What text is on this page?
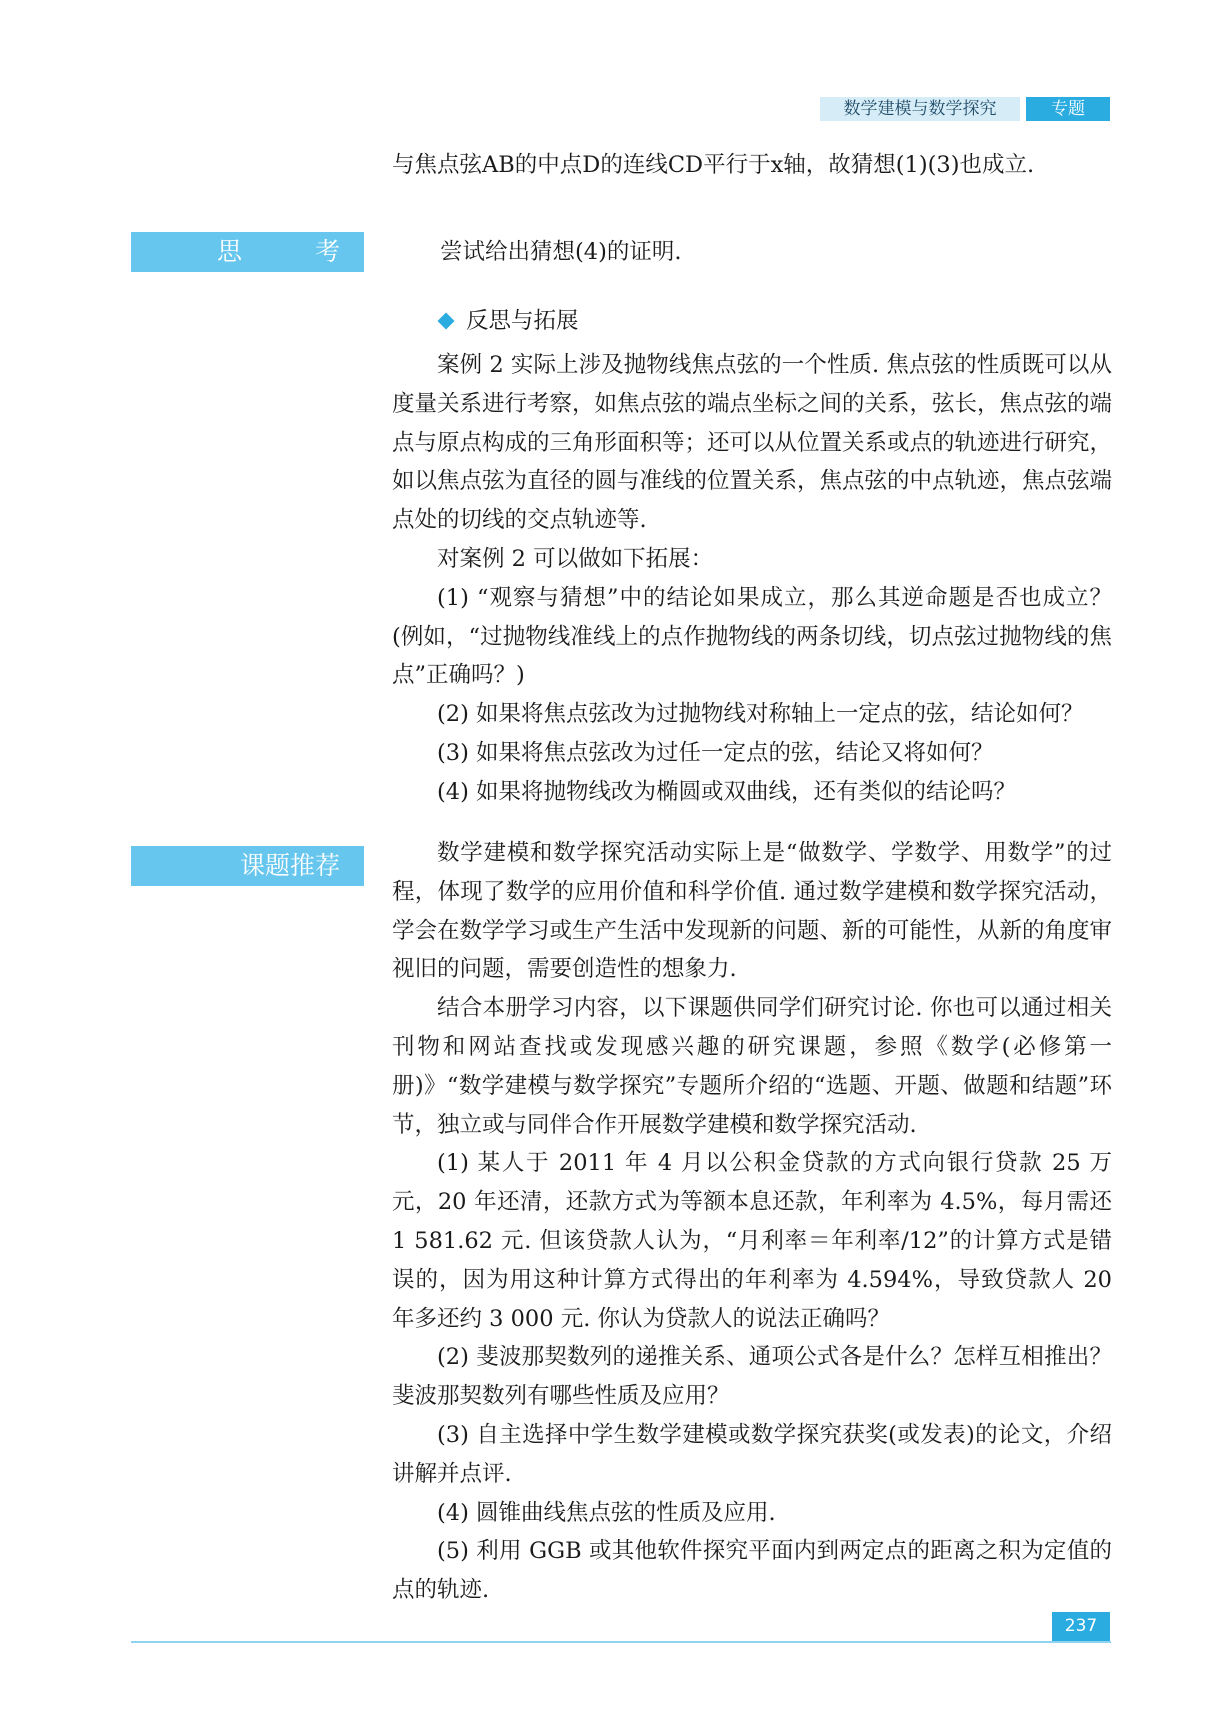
数学建模与数学探究	专题

与焦点弦AB的中点D的连线CD平行于x轴，故猜想(1)(3)也成立.

思　考	尝试给出猜想(4)的证明.
反思与拓展

案例 2 实际上涉及抛物线焦点弦的一个性质. 焦点弦的性质既可以从度量关系进行考察，如焦点弦的端点坐标之间的关系，弦长，焦点弦的端点与原点构成的三角形面积等；还可以从位置关系或点的轨迹进行研究，如以焦点弦为直径的圆与准线的位置关系，焦点弦的中点轨迹，焦点弦端点处的切线的交点轨迹等.

对案例 2 可以做如下拓展：

(1) “观察与猜想”中的结论如果成立，那么其逆命题是否也成立？(例如，“过抛物线准线上的点作抛物线的两条切线，切点弦过抛物线的焦点”正确吗？)

(2) 如果将焦点弦改为过抛物线对称轴上一定点的弦，结论如何？

(3) 如果将焦点弦改为过任一定点的弦，结论又将如何？

(4) 如果将抛物线改为椭圆或双曲线，还有类似的结论吗？

课题推荐	数学建模和数学探究活动实际上是“做数学、学数学、用数学”的过程，体现了数学的应用价值和科学价值. 通过数学建模和数学探究活动，学会在数学学习或生产生活中发现新的问题、新的可能性，从新的角度审视旧的问题，需要创造性的想象力.

结合本册学习内容，以下课题供同学们研究讨论. 你也可以通过相关刊物和网站查找或发现感兴趣的研究课题，参照《数学(必修第一册)》“数学建模与数学探究”专题所介绍的“选题、开题、做题和结题”环节，独立或与同伴合作开展数学建模和数学探究活动.

(1) 某人于 2011 年 4 月以公积金贷款的方式向银行贷款 25 万元，20 年还清，还款方式为等额本息还款，年利率为 4.5%，每月需还 1 581.62 元. 但该贷款人认为，“月利率＝年利率/12”的计算方式是错误的，因为用这种计算方式得出的年利率为 4.594%，导致贷款人 20 年多还约 3 000 元. 你认为贷款人的说法正确吗？

(2) 斐波那契数列的递推关系、通项公式各是什么？怎样互相推出？斐波那契数列有哪些性质及应用？

(3) 自主选择中学生数学建模或数学探究获奖(或发表)的论文，介绍讲解并点评.

(4) 圆锥曲线焦点弦的性质及应用.

(5) 利用 GGB 或其他软件探究平面内到两定点的距离之积为定值的点的轨迹.

237
